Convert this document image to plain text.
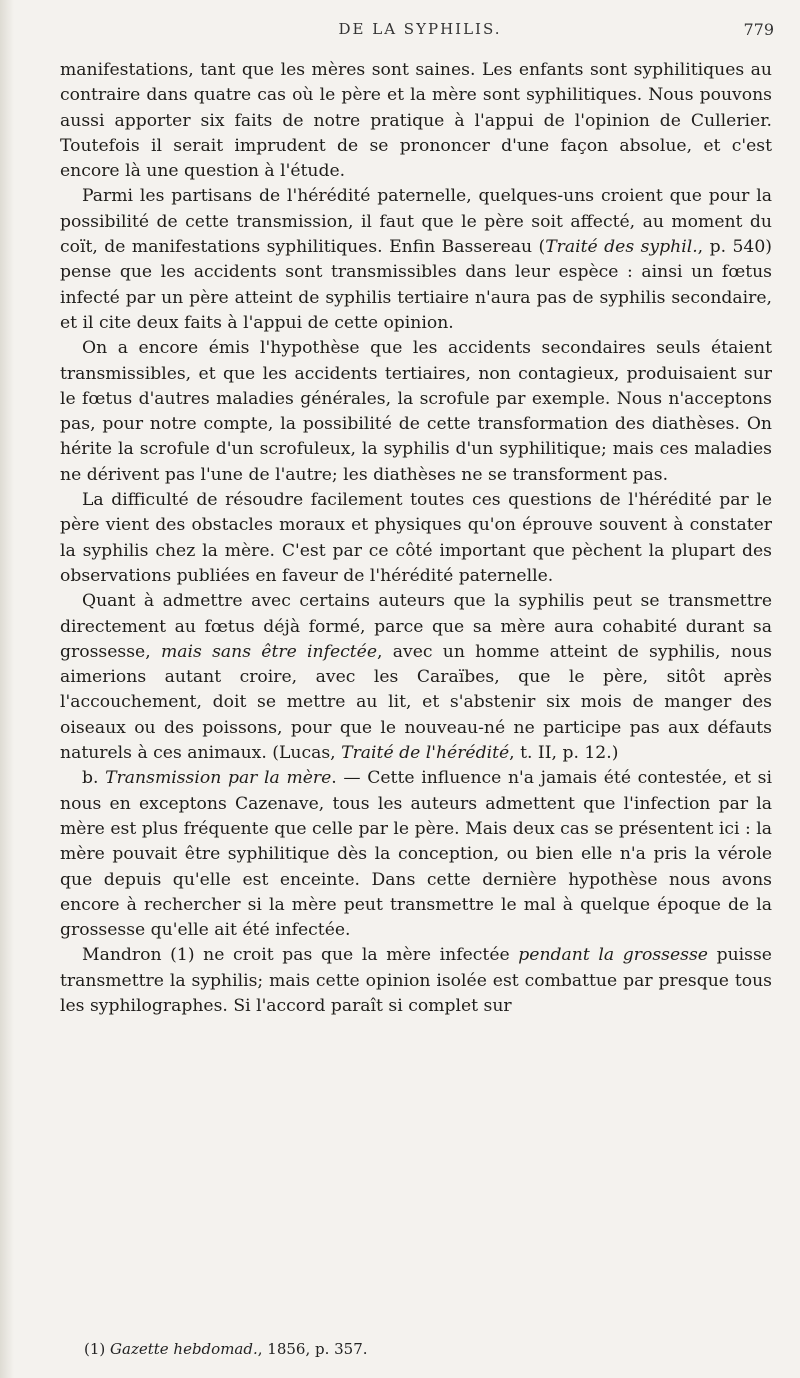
DE LA SYPHILIS.	779

manifestations, tant que les mères sont saines. Les enfants sont syphilitiques au contraire dans quatre cas où le père et la mère sont syphilitiques. Nous pouvons aussi apporter six faits de notre pratique à l'appui de l'opinion de Cullerier. Toutefois il serait imprudent de se prononcer d'une façon absolue, et c'est encore là une question à l'étude.

Parmi les partisans de l'hérédité paternelle, quelques-uns croient que pour la possibilité de cette transmission, il faut que le père soit affecté, au moment du coït, de manifestations syphilitiques. Enfin Bassereau (Traité des syphil., p. 540) pense que les accidents sont transmissibles dans leur espèce : ainsi un fœtus infecté par un père atteint de syphilis tertiaire n'aura pas de syphilis secondaire, et il cite deux faits à l'appui de cette opinion.

On a encore émis l'hypothèse que les accidents secondaires seuls étaient transmissibles, et que les accidents tertiaires, non contagieux, produisaient sur le fœtus d'autres maladies générales, la scrofule par exemple. Nous n'acceptons pas, pour notre compte, la possibilité de cette transformation des diathèses. On hérite la scrofule d'un scrofuleux, la syphilis d'un syphilitique; mais ces maladies ne dérivent pas l'une de l'autre; les diathèses ne se transforment pas.

La difficulté de résoudre facilement toutes ces questions de l'hérédité par le père vient des obstacles moraux et physiques qu'on éprouve souvent à constater la syphilis chez la mère. C'est par ce côté important que pèchent la plupart des observations publiées en faveur de l'hérédité paternelle.

Quant à admettre avec certains auteurs que la syphilis peut se transmettre directement au fœtus déjà formé, parce que sa mère aura cohabité durant sa grossesse, mais sans être infectée, avec un homme atteint de syphilis, nous aimerions autant croire, avec les Caraïbes, que le père, sitôt après l'accouchement, doit se mettre au lit, et s'abstenir six mois de manger des oiseaux ou des poissons, pour que le nouveau-né ne participe pas aux défauts naturels à ces animaux. (Lucas, Traité de l'hérédité, t. II, p. 12.)

b. Transmission par la mère. — Cette influence n'a jamais été contestée, et si nous en exceptons Cazenave, tous les auteurs admettent que l'infection par la mère est plus fréquente que celle par le père. Mais deux cas se présentent ici : la mère pouvait être syphilitique dès la conception, ou bien elle n'a pris la vérole que depuis qu'elle est enceinte. Dans cette dernière hypothèse nous avons encore à rechercher si la mère peut transmettre le mal à quelque époque de la grossesse qu'elle ait été infectée.

Mandron (1) ne croit pas que la mère infectée pendant la grossesse puisse transmettre la syphilis; mais cette opinion isolée est combattue par presque tous les syphilographes. Si l'accord paraît si complet sur

(1) Gazette hebdomad., 1856, p. 357.
